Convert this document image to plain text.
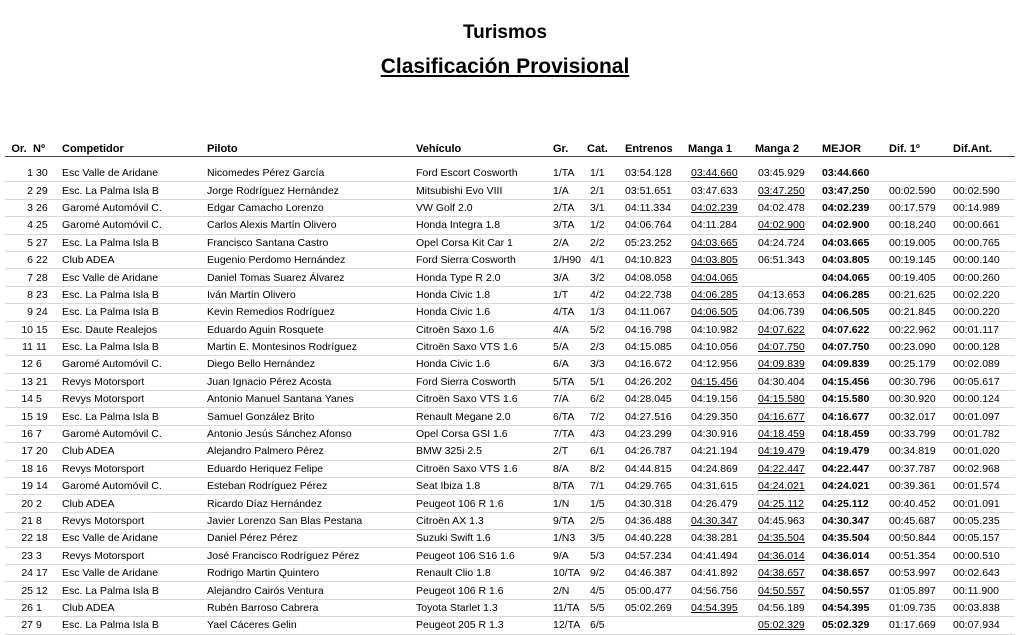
Turismos
Clasificación Provisional
Or.	Nº	Competidor	Piloto	Vehículo	Gr.	Cat.	Entrenos	Manga 1	Manga 2	MEJOR	Dif. 1º	Dif.Ant.

1	30	Esc Valle de Aridane	Nicomedes Pérez García	Ford Escort Cosworth	1/TA	1/1	03:54.128	03:44.660	03:45.929	03:44.660		
2	29	Esc. La Palma Isla B	Jorge Rodríguez Hernández	Mitsubishi Evo VIII	1/A	2/1	03:51.651	03:47.633	03:47.250	03:47.250	00:02.590	00:02.590
3	26	Garomé Automóvil C.	Edgar Camacho Lorenzo	VW Golf 2.0	2/TA	3/1	04:11.334	04:02.239	04:02.478	04:02.239	00:17.579	00:14.989
4	25	Garomé Automóvil C.	Carlos Alexis Martín Olivero	Honda Integra 1.8	3/TA	1/2	04:06.764	04:11.284	04:02.900	04:02.900	00:18.240	00:00.661
5	27	Esc. La Palma Isla B	Francisco Santana Castro	Opel Corsa Kit Car 1	2/A	2/2	05:23.252	04:03.665	04:24.724	04:03.665	00:19.005	00:00.765
6	22	Club ADEA	Eugenio Perdomo Hernández	Ford Sierra Cosworth	1/H90	4/1	04:10.823	04:03.805	06:51.343	04:03.805	00:19.145	00:00.140
7	28	Esc Valle de Aridane	Daniel Tomas Suarez Álvarez	Honda Type R 2.0	3/A	3/2	04:08.058	04:04.065		04:04.065	00:19.405	00:00.260
8	23	Esc. La Palma Isla B	Iván Martín Olivero	Honda Civic 1.8	1/T	4/2	04:22.738	04:06.285	04:13.653	04:06.285	00:21.625	00:02.220
9	24	Esc. La Palma Isla B	Kevin Remedios Rodríguez	Honda Civic 1.6	4/TA	1/3	04:11.067	04:06.505	04:06.739	04:06.505	00:21.845	00:00.220
10	15	Esc. Daute Realejos	Eduardo Aguin Rosquete	Citroën Saxo 1.6	4/A	5/2	04:16.798	04:10.982	04:07.622	04:07.622	00:22.962	00:01.117
11	11	Esc. La Palma Isla B	Martin E. Montesinos Rodríguez	Citroën Saxo VTS 1.6	5/A	2/3	04:15.085	04:10.056	04:07.750	04:07.750	00:23.090	00:00.128
12	6	Garomé Automóvil C.	Diego Bello Hernández	Honda Civic 1.6	6/A	3/3	04:16.672	04:12.956	04:09.839	04:09.839	00:25.179	00:02.089
13	21	Revys Motorsport	Juan Ignacio Pérez Acosta	Ford Sierra Cosworth	5/TA	5/1	04:26.202	04:15.456	04:30.404	04:15.456	00:30.796	00:05.617
14	5	Revys Motorsport	Antonio Manuel Santana Yanes	Citroën Saxo VTS 1.6	7/A	6/2	04:28.045	04:19.156	04:15.580	04:15.580	00:30.920	00:00.124
15	19	Esc. La Palma Isla B	Samuel González Brito	Renault Megane 2.0	6/TA	7/2	04:27.516	04:29.350	04:16.677	04:16.677	00:32.017	00:01.097
16	7	Garomé Automóvil C.	Antonio Jesús Sánchez Afonso	Opel Corsa GSI 1.6	7/TA	4/3	04:23.299	04:30.916	04:18.459	04:18.459	00:33.799	00:01.782
17	20	Club ADEA	Alejandro Palmero Pérez	BMW 325i 2.5	2/T	6/1	04:26.787	04:21.194	04:19.479	04:19.479	00:34.819	00:01.020
18	16	Revys Motorsport	Eduardo Heriquez Felipe	Citroën Saxo VTS 1.6	8/A	8/2	04:44.815	04:24.869	04:22.447	04:22.447	00:37.787	00:02.968
19	14	Garomé Automóvil C.	Esteban Rodríguez Pérez	Seat Ibiza 1.8	8/TA	7/1	04:29.765	04:31.615	04:24.021	04:24.021	00:39.361	00:01.574
20	2	Club ADEA	Ricardo Díaz Hernández	Peugeot 106 R 1.6	1/N	1/5	04:30.318	04:26.479	04:25.112	04:25.112	00:40.452	00:01.091
21	8	Revys Motorsport	Javier Lorenzo San Blas Pestana	Citroën AX 1.3	9/TA	2/5	04:36.488	04:30.347	04:45.963	04:30.347	00:45.687	00:05.235
22	18	Esc Valle de Aridane	Daniel Pérez Pérez	Suzuki Swift 1.6	1/N3	3/5	04:40.228	04:38.281	04:35.504	04:35.504	00:50.844	00:05.157
23	3	Revys Motorsport	José Francisco Rodríguez Pérez	Peugeot 106 S16 1.6	9/A	5/3	04:57.234	04:41.494	04:36.014	04:36.014	00:51.354	00:00.510
24	17	Esc Valle de Aridane	Rodrigo Martin Quintero	Renault Clio 1.8	10/TA	9/2	04:46.387	04:41.892	04:38.657	04:38.657	00:53.997	00:02.643
25	12	Esc. La Palma Isla B	Alejandro Cairós Ventura	Peugeot 106 R 1.6	2/N	4/5	05:00.477	04:56.756	04:50.557	04:50.557	01:05.897	00:11.900
26	1	Club ADEA	Rubén Barroso Cabrera	Toyota Starlet 1.3	11/TA	5/5	05:02.269	04:54.395	04:56.189	04:54.395	01:09.735	00:03.838
27	9	Esc. La Palma Isla B	Yael Cáceres Gelin	Peugeot 205 R 1.3	12/TA	6/5			05:02.329	05:02.329	01:17.669	00:07.934
